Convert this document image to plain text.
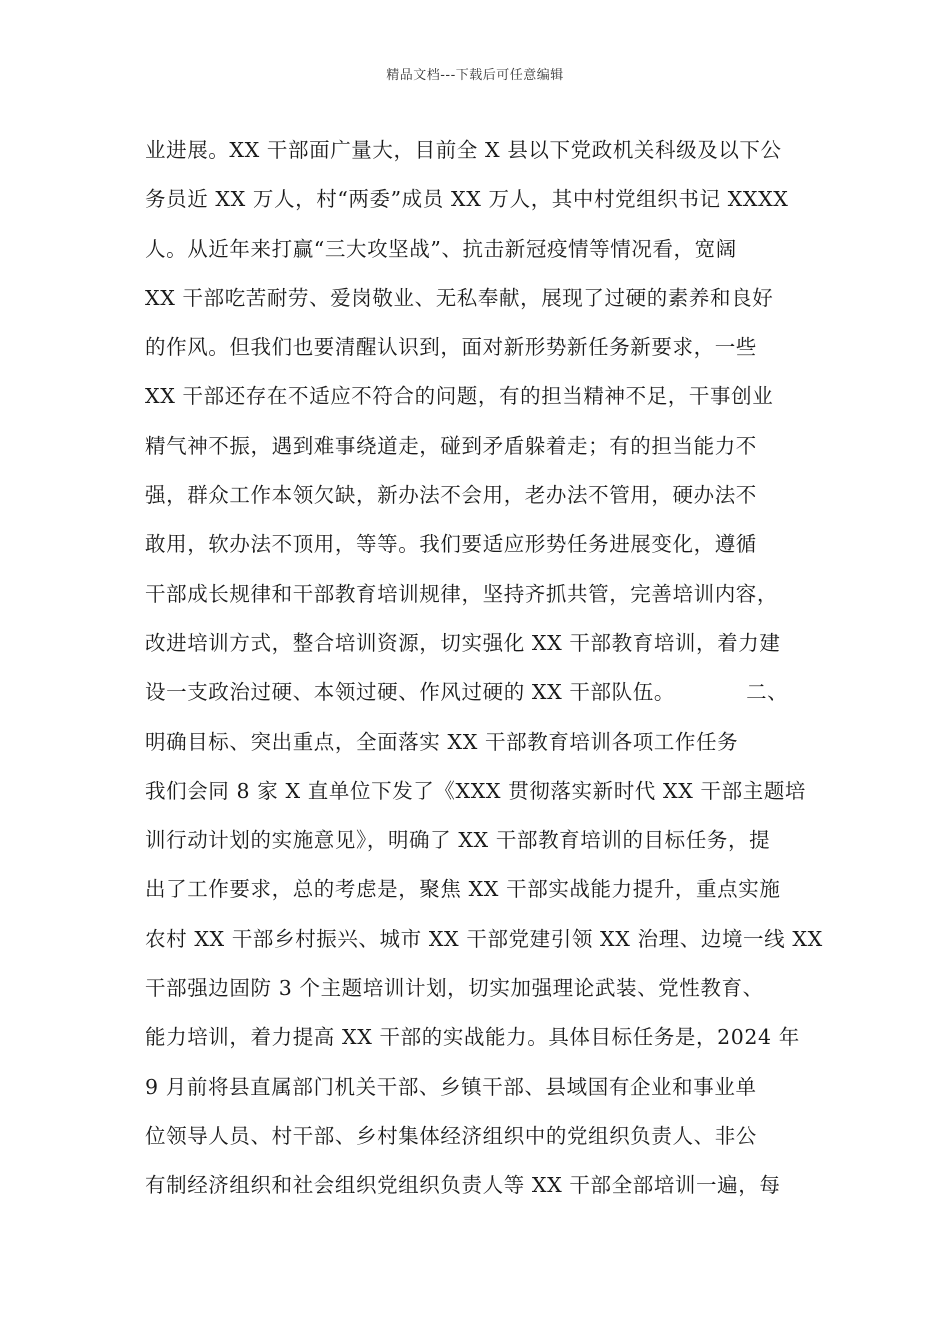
精品文档---下载后可任意编辑
业进展。XX 干部面广量大，目前全 X 县以下党政机关科级及以下公
务员近 XX 万人，村“两委”成员 XX 万人，其中村党组织书记 XXXX
人。从近年来打赢“三大攻坚战”、抗击新冠疫情等情况看，宽阔
XX 干部吃苦耐劳、爱岗敬业、无私奉献，展现了过硬的素养和良好
的作风。但我们也要清醒认识到，面对新形势新任务新要求，一些
XX 干部还存在不适应不符合的问题，有的担当精神不足，干事创业
精气神不振，遇到难事绕道走，碰到矛盾躲着走；有的担当能力不
强，群众工作本领欠缺，新办法不会用，老办法不管用，硬办法不
敢用，软办法不顶用，等等。我们要适应形势任务进展变化，遵循
干部成长规律和干部教育培训规律，坚持齐抓共管，完善培训内容，
改进培训方式，整合培训资源，切实强化 XX 干部教育培训，着力建
设一支政治过硬、本领过硬、作风过硬的 XX 干部队伍。          二、
明确目标、突出重点，全面落实 XX 干部教育培训各项工作任务
我们会同 8 家 X 直单位下发了《XXX 贯彻落实新时代 XX 干部主题培
训行动计划的实施意见》，明确了 XX 干部教育培训的目标任务，提
出了工作要求，总的考虑是，聚焦 XX 干部实战能力提升，重点实施
农村 XX 干部乡村振兴、城市 XX 干部党建引领 XX 治理、边境一线 XX
干部强边固防 3 个主题培训计划，切实加强理论武装、党性教育、
能力培训，着力提高 XX 干部的实战能力。具体目标任务是，2024 年
9 月前将县直属部门机关干部、乡镇干部、县域国有企业和事业单
位领导人员、村干部、乡村集体经济组织中的党组织负责人、非公
有制经济组织和社会组织党组织负责人等 XX 干部全部培训一遍，每
